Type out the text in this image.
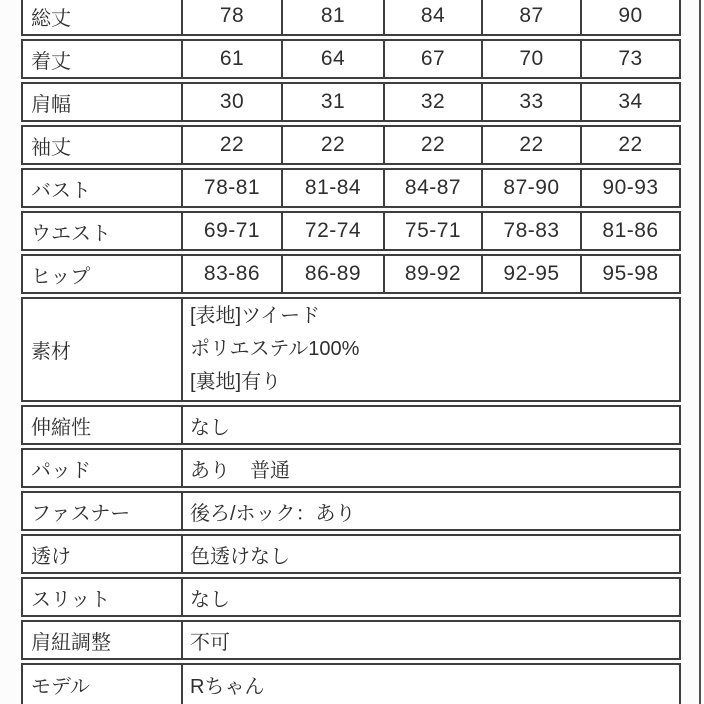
総丈	78	81	84	87	90
着丈	61	64	67	70	73
肩幅	30	31	32	33	34
袖丈	22	22	22	22	22
バスト	78-81	81-84	84-87	87-90	90-93
ウエスト	69-71	72-74	75-71	78-83	81-86
ヒップ	83-86	86-89	89-92	92-95	95-98
素材	[表地]ツイード
ポリエステル100%
[裏地]有り				

伸縮性	なし				
パッド	あり　普通				
ファスナー	後ろ/ホック：あり				
透け	色透けなし				
スリット	なし				
肩紐調整	不可				
モデル	Rちゃん				
